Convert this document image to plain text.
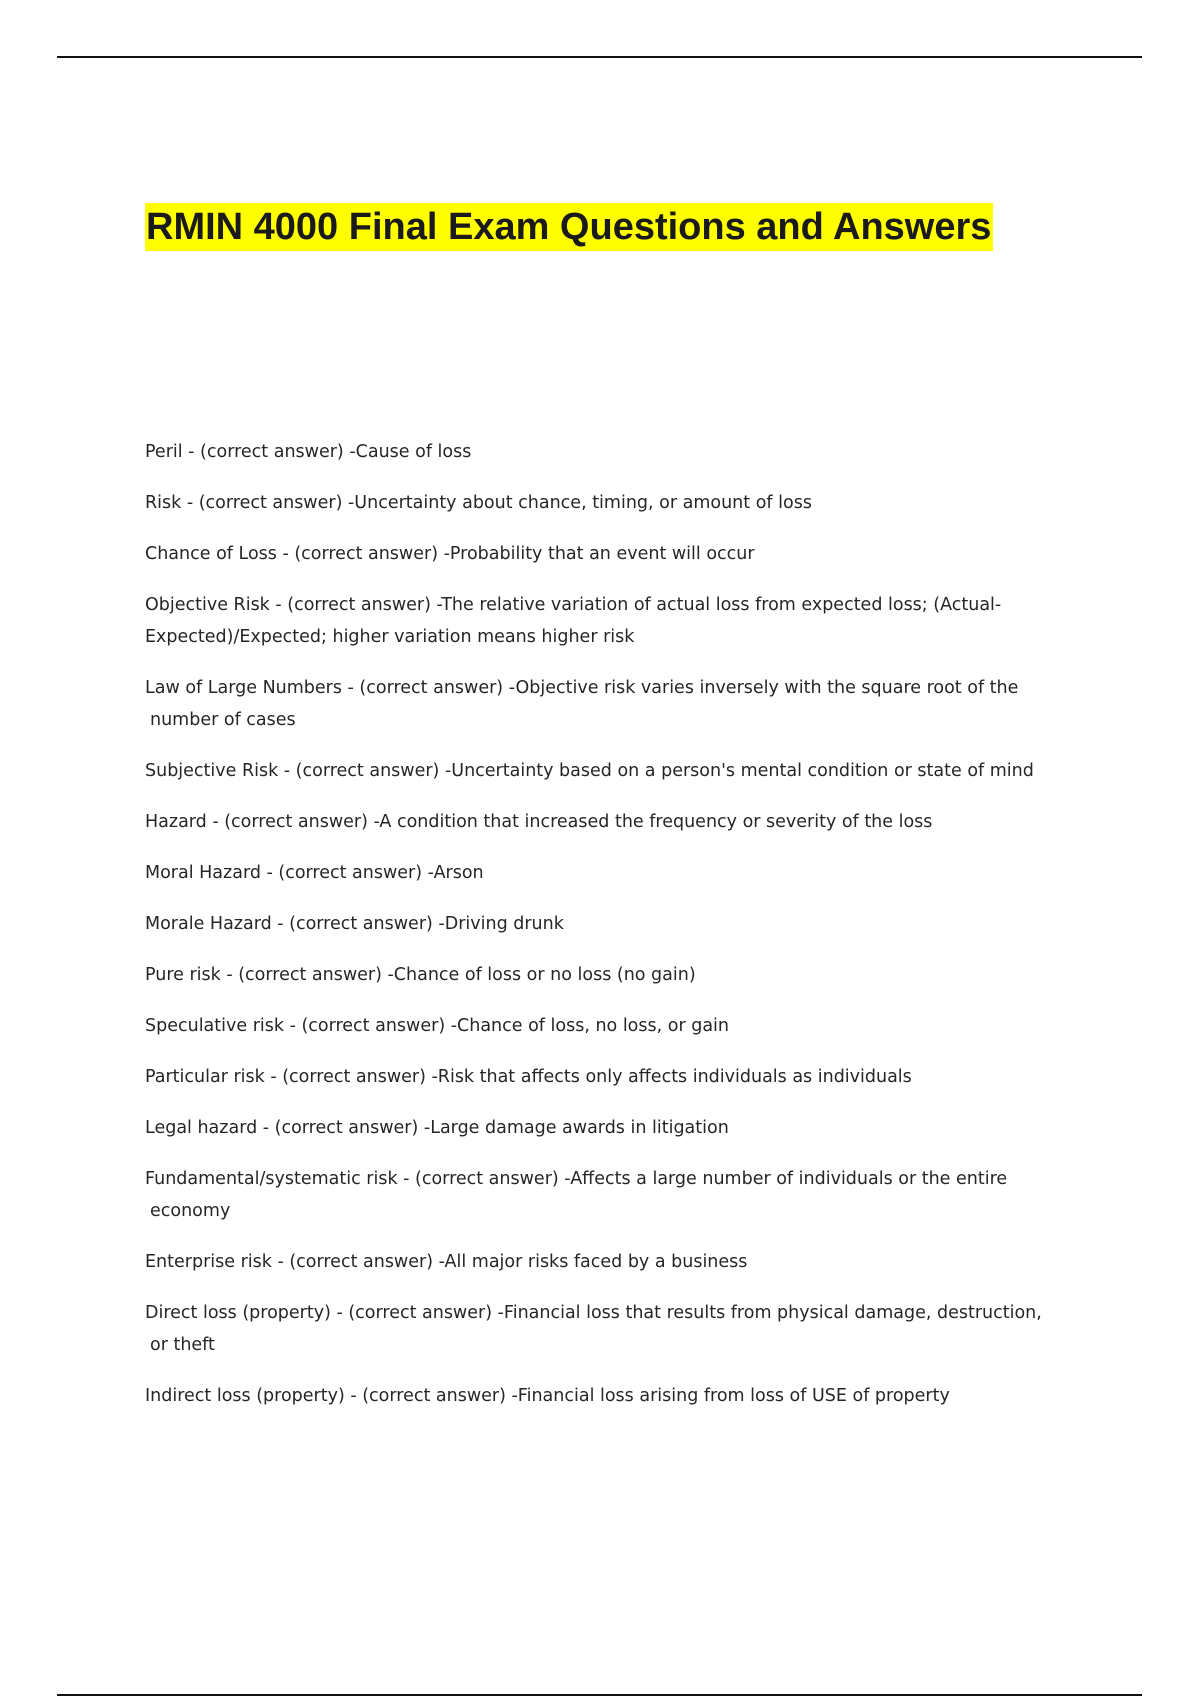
RMIN 4000 Final Exam Questions and Answers
Peril - (correct answer) -Cause of loss
Risk - (correct answer) -Uncertainty about chance, timing, or amount of loss
Chance of Loss - (correct answer) -Probability that an event will occur
Objective Risk - (correct answer) -The relative variation of actual loss from expected loss; (Actual-
Expected)/Expected; higher variation means higher risk
Law of Large Numbers - (correct answer) -Objective risk varies inversely with the square root of the
number of cases
Subjective Risk - (correct answer) -Uncertainty based on a person's mental condition or state of mind
Hazard - (correct answer) -A condition that increased the frequency or severity of the loss
Moral Hazard - (correct answer) -Arson
Morale Hazard - (correct answer) -Driving drunk
Pure risk - (correct answer) -Chance of loss or no loss (no gain)
Speculative risk - (correct answer) -Chance of loss, no loss, or gain
Particular risk - (correct answer) -Risk that affects only affects individuals as individuals
Legal hazard - (correct answer) -Large damage awards in litigation
Fundamental/systematic risk - (correct answer) -Affects a large number of individuals or the entire
economy
Enterprise risk - (correct answer) -All major risks faced by a business
Direct loss (property) - (correct answer) -Financial loss that results from physical damage, destruction,
or theft
Indirect loss (property) - (correct answer) -Financial loss arising from loss of USE of property
